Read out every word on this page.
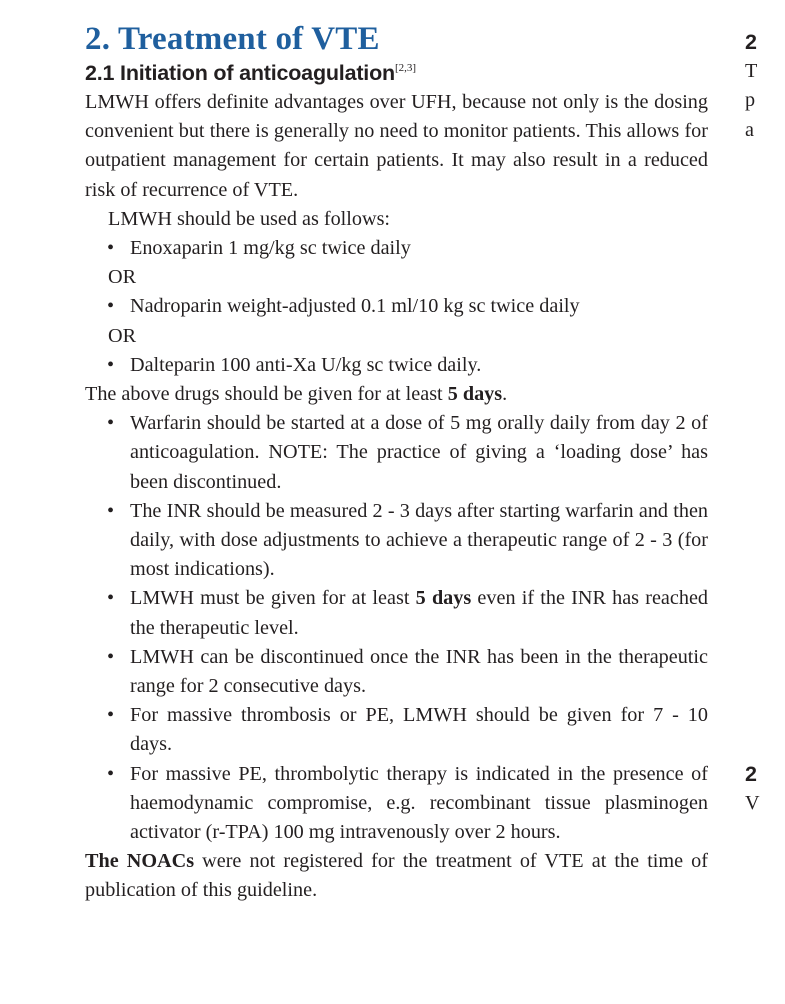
2. Treatment of VTE
2.1 Initiation of anticoagulation[2,3]

LMWH offers definite advantages over UFH, because not only is the dosing convenient but there is generally no need to monitor patients. This allows for outpatient management for certain patients. It may also result in a reduced risk of recurrence of VTE.

LMWH should be used as follows:

• Enoxaparin 1 mg/kg sc twice daily

OR

• Nadroparin weight-adjusted 0.1 ml/10 kg sc twice daily

OR

• Dalteparin 100 anti-Xa U/kg sc twice daily.

The above drugs should be given for at least 5 days.

• Warfarin should be started at a dose of 5 mg orally daily from day 2 of anticoagulation. NOTE: The practice of giving a ‘loading dose’ has been discontinued.
• The INR should be measured 2 - 3 days after starting warfarin and then daily, with dose adjustments to achieve a therapeutic range of 2 - 3 (for most indications).
• LMWH must be given for at least 5 days even if the INR has reached the therapeutic level.
• LMWH can be discontinued once the INR has been in the therapeutic range for 2 consecutive days.
• For massive thrombosis or PE, LMWH should be given for 7 - 10 days.
• For massive PE, thrombolytic therapy is indicated in the presence of haemodynamic compromise, e.g. recombinant tissue plasminogen activator (r-TPA) 100 mg intravenously over 2 hours.

The NOACs were not registered for the treatment of VTE at the time of publication of this guideline.

2
T
p
a
2
V
